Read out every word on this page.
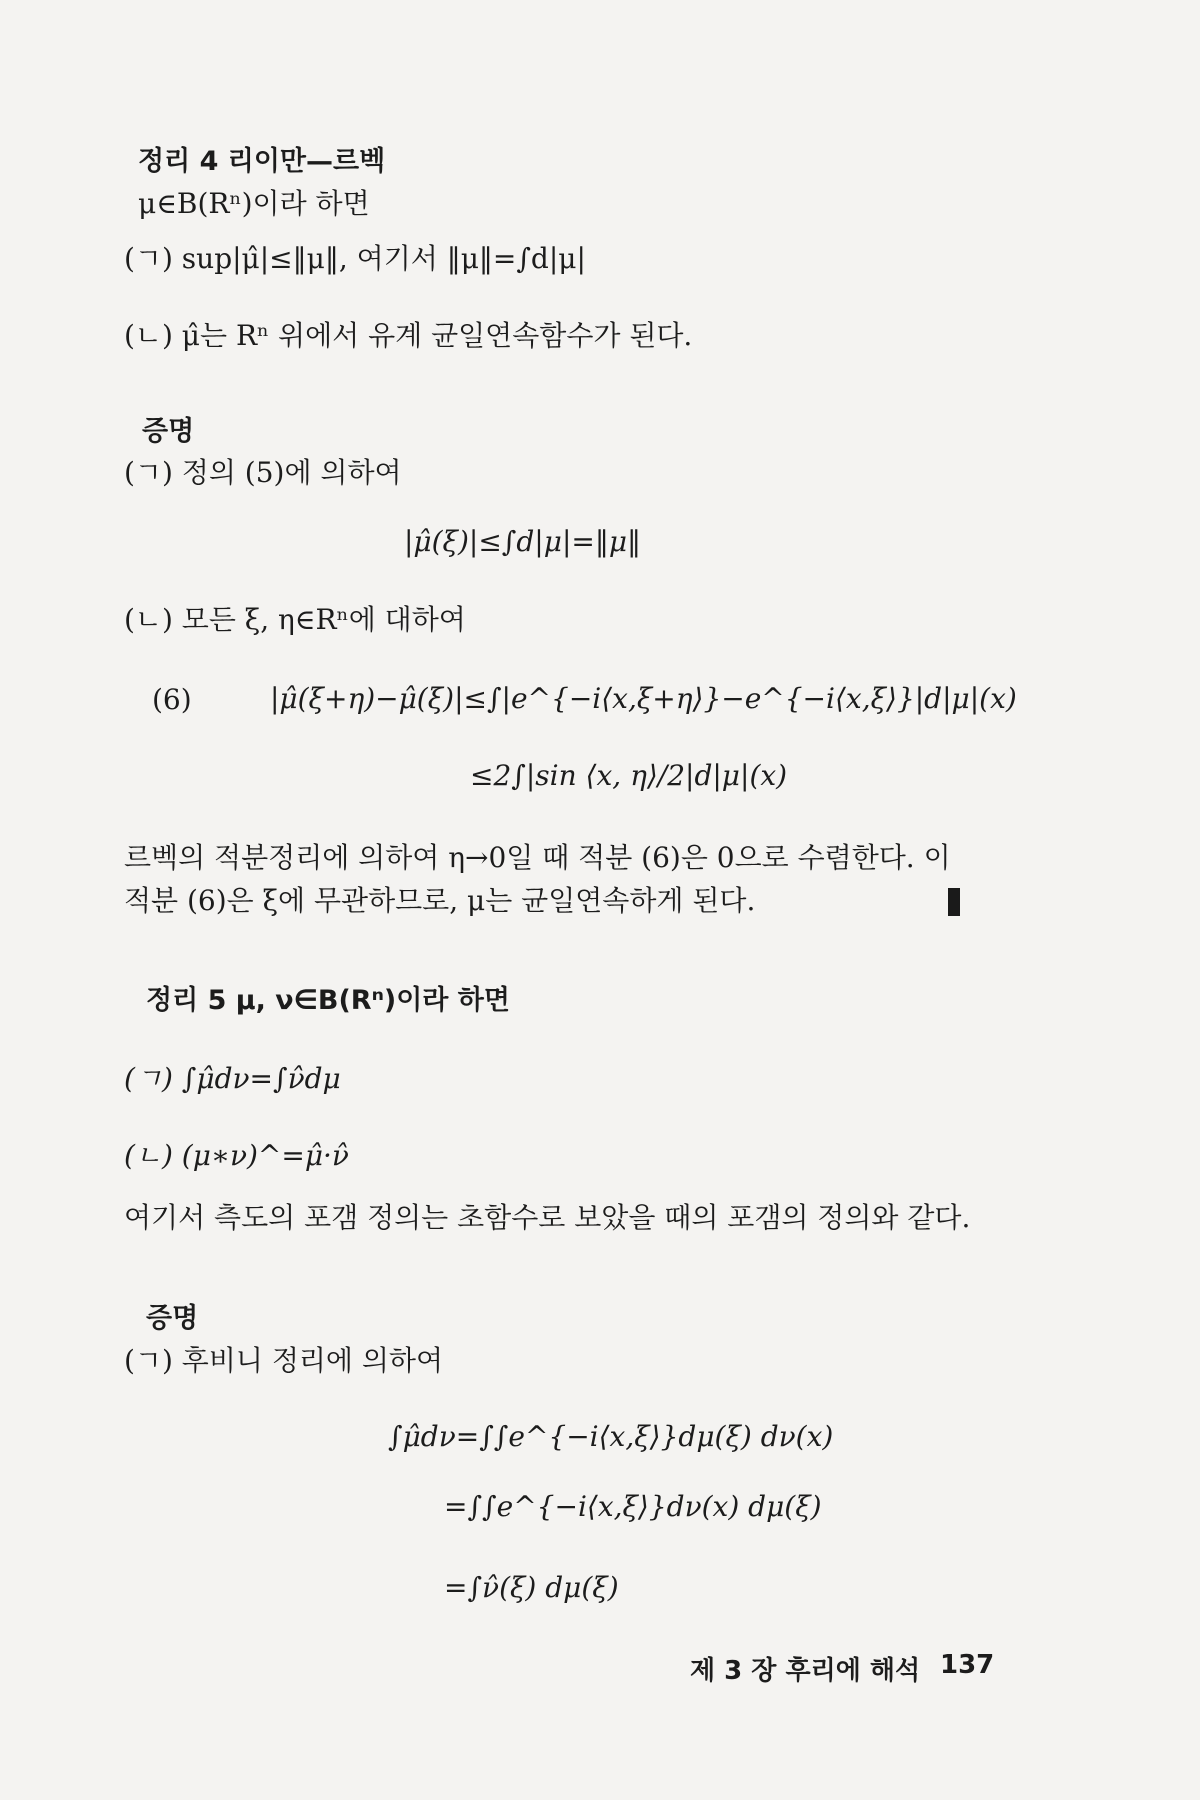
정리 4 리이만—르벡
μ∈B(Rⁿ)이라 하면
(ㄱ) sup|μ̂|≤‖μ‖, 여기서 ‖μ‖=∫d|μ|
(ㄴ) μ̂는 Rⁿ 위에서 유계 균일연속함수가 된다.
증명
(ㄱ) 정의 (5)에 의하여
|μ̂(ξ)|≤∫d|μ|=‖μ‖
(ㄴ) 모든 ξ, η∈Rⁿ에 대하여
(6)	|μ̂(ξ+η)−μ̂(ξ)|≤∫|e^{−i⟨x,ξ+η⟩}−e^{−i⟨x,ξ⟩}|d|μ|(x)
≤2∫|sin ⟨x, η⟩/2|d|μ|(x)
르벡의 적분정리에 의하여 η→0일 때 적분 (6)은 0으로 수렴한다. 이
적분 (6)은 ξ에 무관하므로, μ는 균일연속하게 된다.
정리 5 μ, ν∈B(Rⁿ)이라 하면
(ㄱ) ∫μ̂dν=∫ν̂dμ
(ㄴ) (μ∗ν)^=μ̂·ν̂
여기서 측도의 포갬 정의는 초함수로 보았을 때의 포갬의 정의와 같다.
증명
(ㄱ) 후비니 정리에 의하여
∫μ̂dν=∫∫e^{−i⟨x,ξ⟩}dμ(ξ) dν(x)
=∫∫e^{−i⟨x,ξ⟩}dν(x) dμ(ξ)
=∫ν̂(ξ) dμ(ξ)
제 3 장 후리에 해석 137
